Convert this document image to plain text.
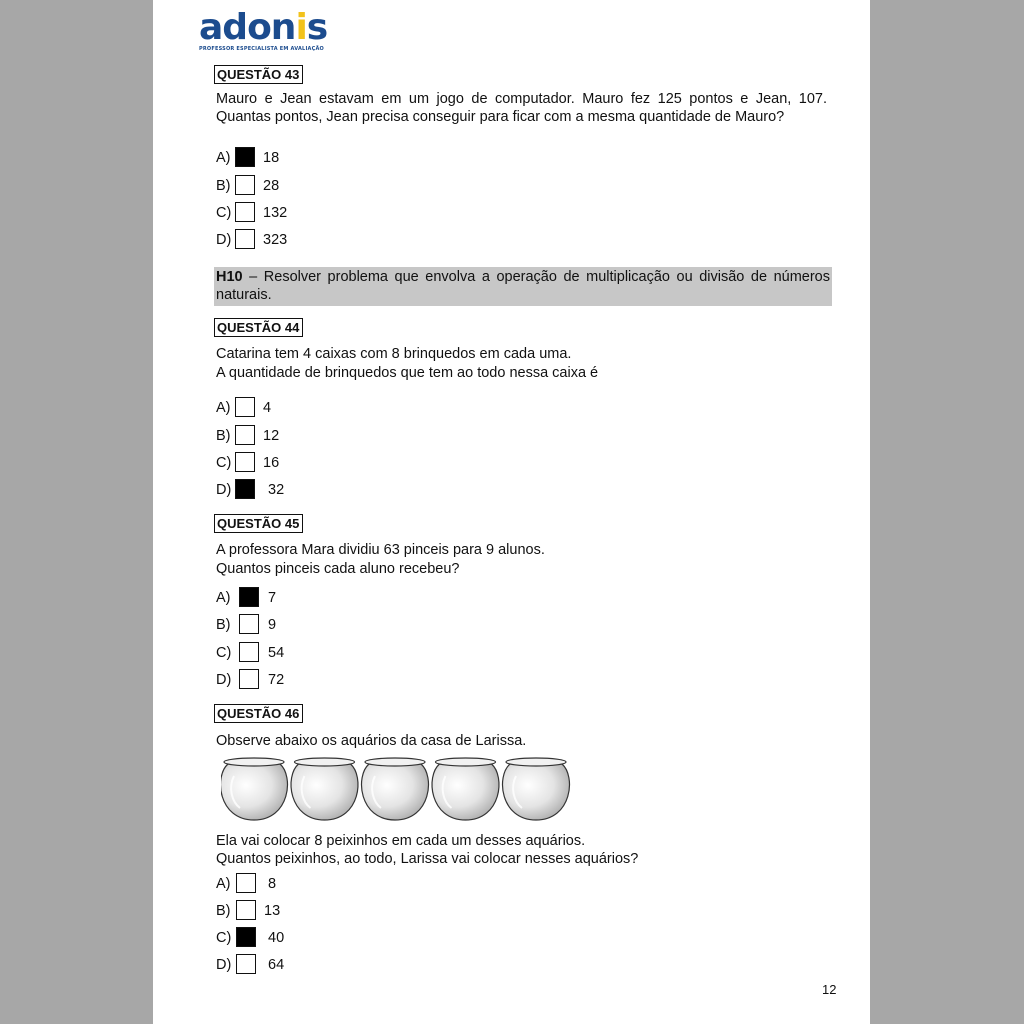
adonis
PROFESSOR ESPECIALISTA EM AVALIAÇÃO
QUESTÃO 43
Mauro e Jean estavam em um jogo de computador. Mauro fez 125 pontos e Jean, 107. Quantas pontos, Jean precisa conseguir para ficar com a mesma quantidade de Mauro?
A) 18
B) 28
C) 132
D) 323
H10 – Resolver problema que envolva a operação de multiplicação ou divisão de números naturais.
QUESTÃO 44
Catarina tem 4 caixas com 8 brinquedos em cada uma.
A quantidade de brinquedos que tem ao todo nessa caixa é
A) 4
B) 12
C) 16
D)	32
QUESTÃO 45
A professora Mara dividiu 63 pinceis para 9 alunos.
Quantos pinceis cada aluno recebeu?
A)	7
B)	9
C)	54
D)	72
QUESTÃO 46
Observe abaixo os aquários da casa de Larissa.
Ela vai colocar 8 peixinhos em cada um desses aquários.
Quantos peixinhos, ao todo, Larissa vai colocar nesses aquários?
A)	8
B) 13
C)	40
D)	64
12
